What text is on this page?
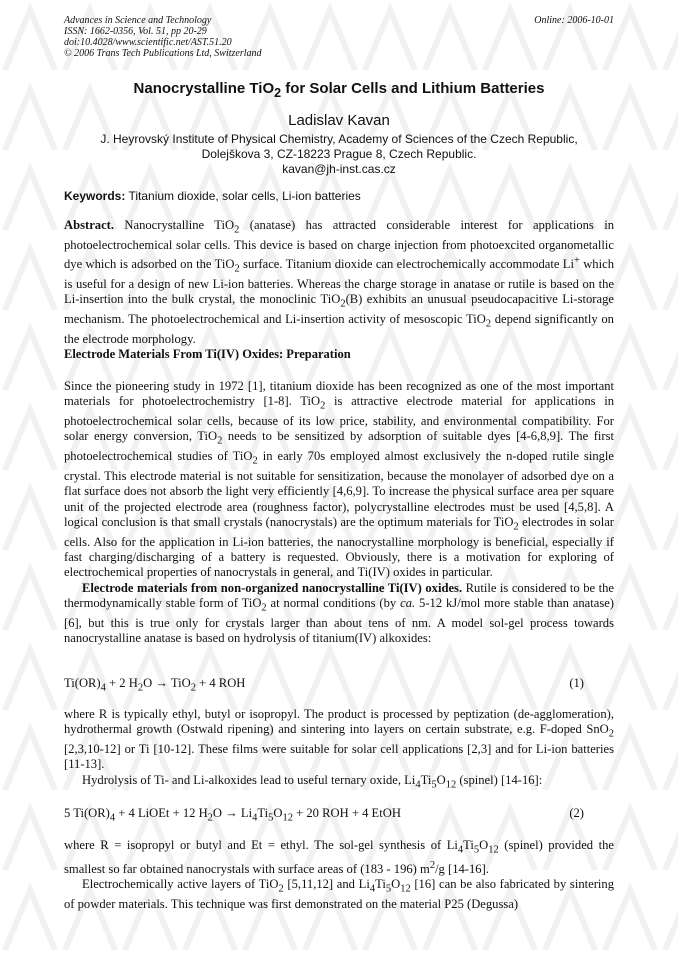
Advances in Science and Technology
ISSN: 1662-0356, Vol. 51, pp 20-29
doi:10.4028/www.scientific.net/AST.51.20
© 2006 Trans Tech Publications Ltd, Switzerland
Online: 2006-10-01
Nanocrystalline TiO$_2$ for Solar Cells and Lithium Batteries
Ladislav Kavan
J. Heyrovský Institute of Physical Chemistry, Academy of Sciences of the Czech Republic,
Dolejškova 3, CZ-18223 Prague 8, Czech Republic.
kavan@jh-inst.cas.cz
Keywords: Titanium dioxide, solar cells, Li-ion batteries
Abstract. Nanocrystalline TiO$_2$ (anatase) has attracted considerable interest for applications in photoelectrochemical solar cells. This device is based on charge injection from photoexcited organometallic dye which is adsorbed on the TiO$_2$ surface. Titanium dioxide can electrochemically accommodate Li+ which is useful for a design of new Li-ion batteries. Whereas the charge storage in anatase or rutile is based on the Li-insertion into the bulk crystal, the monoclinic TiO$_2$(B) exhibits an unusual pseudocapacitive Li-storage mechanism. The photoelectrochemical and Li-insertion activity of mesoscopic TiO$_2$ depend significantly on the electrode morphology.
Electrode Materials From Ti(IV) Oxides: Preparation
Since the pioneering study in 1972 [1], titanium dioxide has been recognized as one of the most important materials for photoelectrochemistry [1-8]. TiO$_2$ is attractive electrode material for applications in photoelectrochemical solar cells, because of its low price, stability, and environmental compatibility. For solar energy conversion, TiO$_2$ needs to be sensitized by adsorption of suitable dyes [4-6,8,9]. The first photoelectrochemical studies of TiO$_2$ in early 70s employed almost exclusively the n-doped rutile single crystal. This electrode material is not suitable for sensitization, because the monolayer of adsorbed dye on a flat surface does not absorb the light very efficiently [4,6,9]. To increase the physical surface area per square unit of the projected electrode area (roughness factor), polycrystalline electrodes must be used [4,5,8]. A logical conclusion is that small crystals (nanocrystals) are the optimum materials for TiO$_2$ electrodes in solar cells. Also for the application in Li-ion batteries, the nanocrystalline morphology is beneficial, especially if fast charging/discharging of a battery is requested. Obviously, there is a motivation for exploring of electrochemical properties of nanocrystals in general, and Ti(IV) oxides in particular.
Electrode materials from non-organized nanocrystalline Ti(IV) oxides. Rutile is considered to be the thermodynamically stable form of TiO$_2$ at normal conditions (by ca. 5-12 kJ/mol more stable than anatase) [6], but this is true only for crystals larger than about tens of nm. A model sol-gel process towards nanocrystalline anatase is based on hydrolysis of titanium(IV) alkoxides:
$Ti(OR)_4 + 2$ $H_2O \to TiO_2 + 4$ ROH	(1)
where R is typically ethyl, butyl or isopropyl. The product is processed by peptization (de-agglomeration), hydrothermal growth (Ostwald ripening) and sintering into layers on certain substrate, e.g. F-doped SnO$_2$ [2,3,10-12] or Ti [10-12]. These films were suitable for solar cell applications [2,3] and for Li-ion batteries [11-13].
Hydrolysis of Ti- and Li-alkoxides lead to useful ternary oxide, $Li_4Ti_5O_{12}$ (spinel) [14-16]:
5 $Ti(OR)_4 + 4$ LiOEt + 12 $H_2O \to Li_4Ti_5O_{12} + 20$ ROH + 4 EtOH	(2)
where R = isopropyl or butyl and Et = ethyl. The sol-gel synthesis of $Li_4Ti_5O_{12}$ (spinel) provided the smallest so far obtained nanocrystals with surface areas of (183 - 196) $m^2/g$ [14-16].
Electrochemically active layers of TiO$_2$ [5,11,12] and $Li_4Ti_5O_{12}$ [16] can be also fabricated by sintering of powder materials. This technique was first demonstrated on the material P25 (Degussa)
